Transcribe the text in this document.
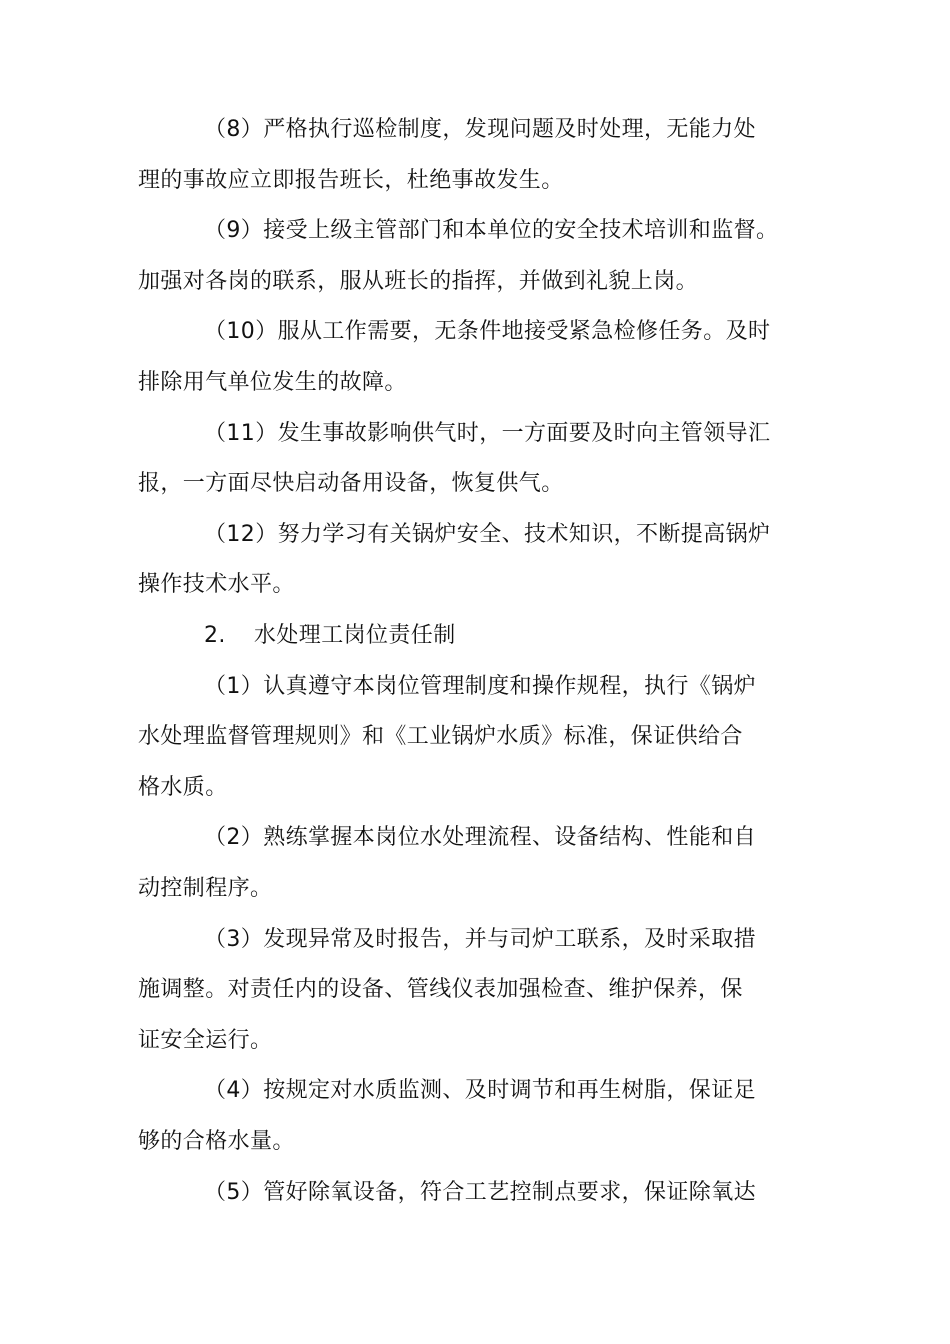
（8）严格执行巡检制度，发现问题及时处理，无能力处
理的事故应立即报告班长，杜绝事故发生。
（9）接受上级主管部门和本单位的安全技术培训和监督。
加强对各岗的联系，服从班长的指挥，并做到礼貌上岗。
（10）服从工作需要，无条件地接受紧急检修任务。及时
排除用气单位发生的故障。
（11）发生事故影响供气时，一方面要及时向主管领导汇
报，一方面尽快启动备用设备，恢复供气。
（12）努力学习有关锅炉安全、技术知识，不断提高锅炉
操作技术水平。
2. 水处理工岗位责任制
（1）认真遵守本岗位管理制度和操作规程，执行《锅炉
水处理监督管理规则》和《工业锅炉水质》标准，保证供给合
格水质。
（2）熟练掌握本岗位水处理流程、设备结构、性能和自
动控制程序。
（3）发现异常及时报告，并与司炉工联系，及时采取措
施调整。对责任内的设备、管线仪表加强检查、维护保养，保
证安全运行。
（4）按规定对水质监测、及时调节和再生树脂，保证足
够的合格水量。
（5）管好除氧设备，符合工艺控制点要求，保证除氧达
